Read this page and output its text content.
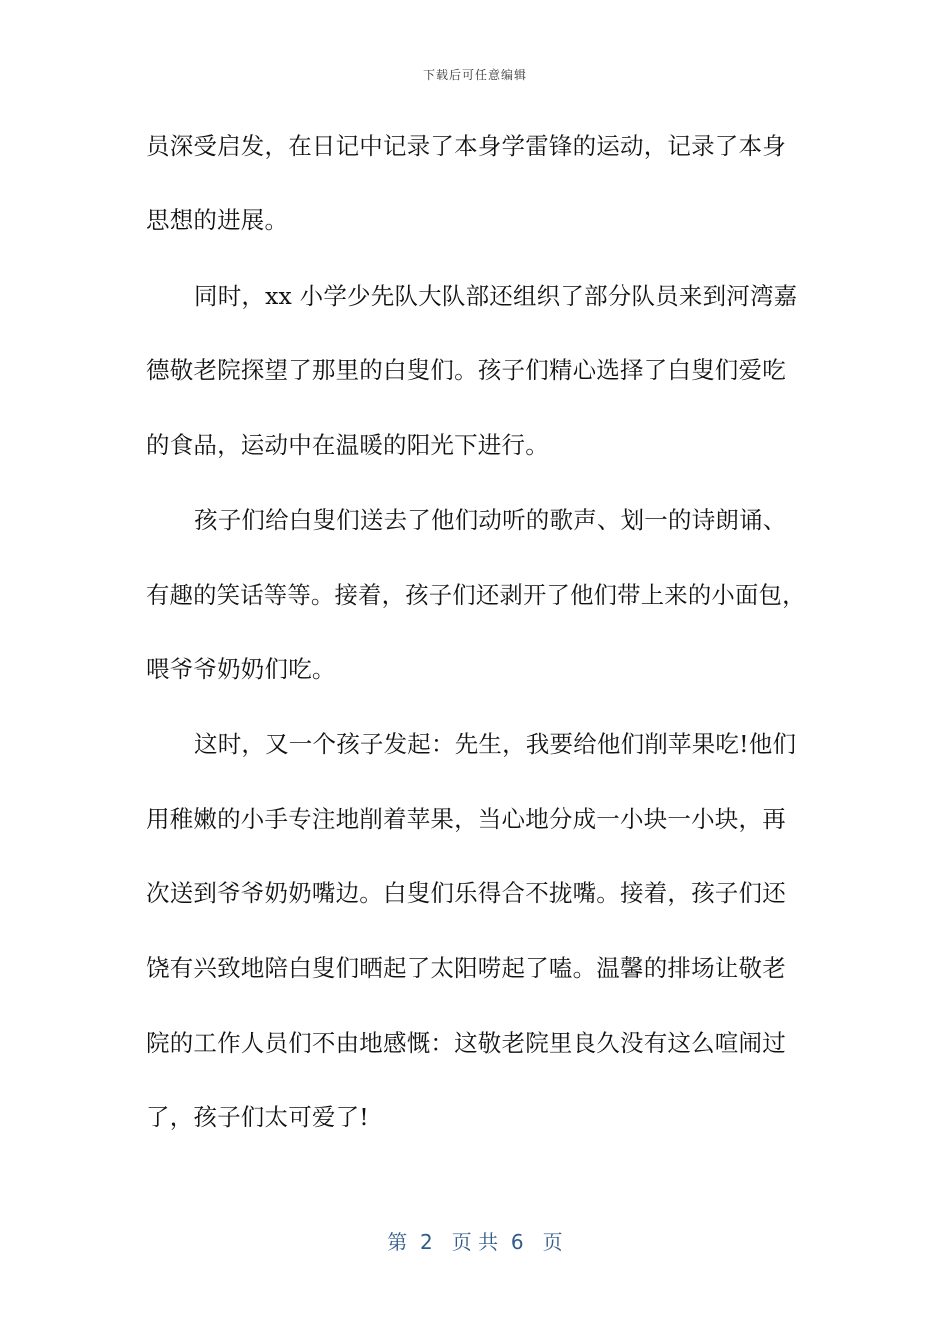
下载后可任意编辑
员深受启发，在日记中记录了本身学雷锋的运动，记录了本身
思想的进展。
同时，xx 小学少先队大队部还组织了部分队员来到河湾嘉
德敬老院探望了那里的白叟们。孩子们精心选择了白叟们爱吃
的食品，运动中在温暖的阳光下进行。
孩子们给白叟们送去了他们动听的歌声、划一的诗朗诵、
有趣的笑话等等。接着，孩子们还剥开了他们带上来的小面包，
喂爷爷奶奶们吃。
这时，又一个孩子发起：先生，我要给他们削苹果吃!他们
用稚嫩的小手专注地削着苹果，当心地分成一小块一小块，再
次送到爷爷奶奶嘴边。白叟们乐得合不拢嘴。接着，孩子们还
饶有兴致地陪白叟们晒起了太阳唠起了嗑。温馨的排场让敬老
院的工作人员们不由地感慨：这敬老院里良久没有这么喧闹过
了，孩子们太可爱了!
第  2   页 共  6   页
